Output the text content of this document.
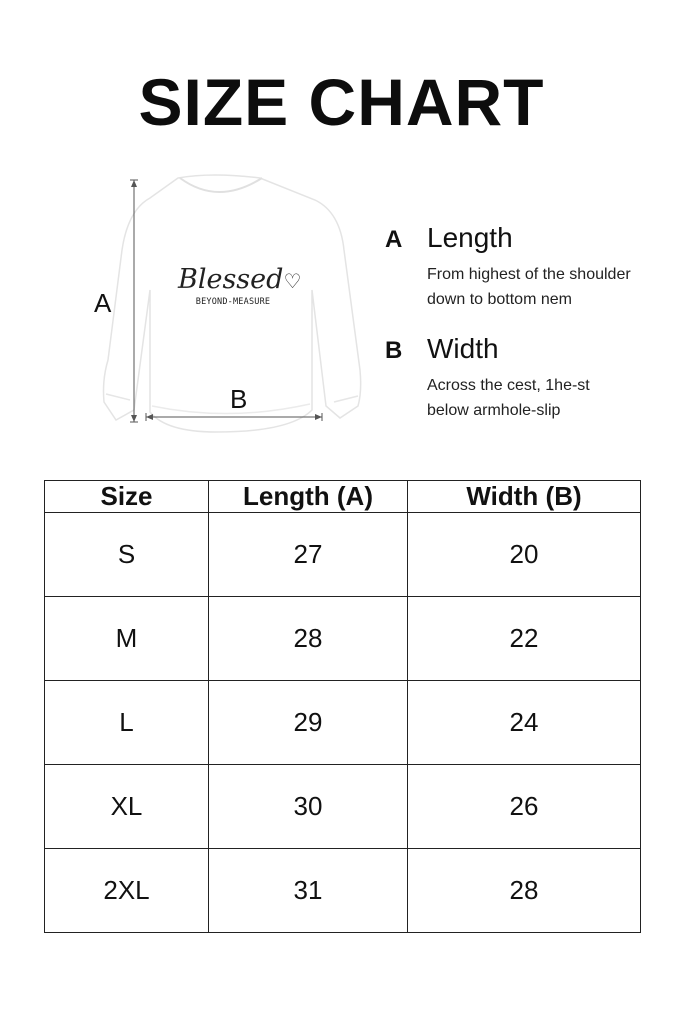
SIZE CHART
Blessed♡
BEYOND-MEASURE
A
B
A Length
From highest of the shoulder
down to bottom nem
B Width
Across the cest, 1he-st
below armhole-slip
Size	Length (A)	Width (B)
S	27	20
M	28	22
L	29	24
XL	30	26
2XL	31	28
